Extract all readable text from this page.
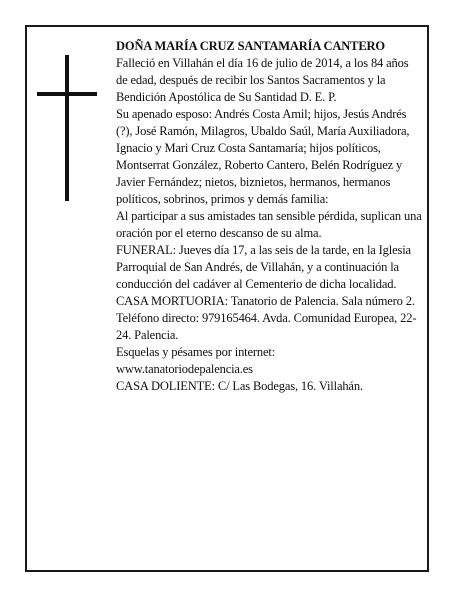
DOÑA MARÍA CRUZ SANTAMARÍA CANTERO

Falleció en Villahán el día 16 de julio de 2014, a los 84 años de edad, después de recibir los Santos Sacramentos y la Bendición Apostólica de Su Santidad D. E. P.

Su apenado esposo: Andrés Costa Amil; hijos, Jesús Andrés (?), José Ramón, Milagros, Ubaldo Saúl, María Auxiliadora, Ignacio y Mari Cruz Costa Santamaría; hijos políticos, Montserrat González, Roberto Cantero, Belén Rodríguez y Javier Fernández; nietos, biznietos, hermanos, hermanos políticos, sobrinos, primos y demás familia:

Al participar a sus amistades tan sensible pérdida, suplican una oración por el eterno descanso de su alma.

FUNERAL: Jueves día 17, a las seis de la tarde, en la Iglesia Parroquial de San Andrés, de Villahán, y a continuación la conducción del cadáver al Cementerio de dicha localidad.

CASA MORTUORIA: Tanatorio de Palencia. Sala número 2. Teléfono directo: 979165464. Avda. Comunidad Europea, 22-24. Palencia.

Esquelas y pésames por internet:

www.tanatoriodepalencia.es

CASA DOLIENTE: C/ Las Bodegas, 16. Villahán.
